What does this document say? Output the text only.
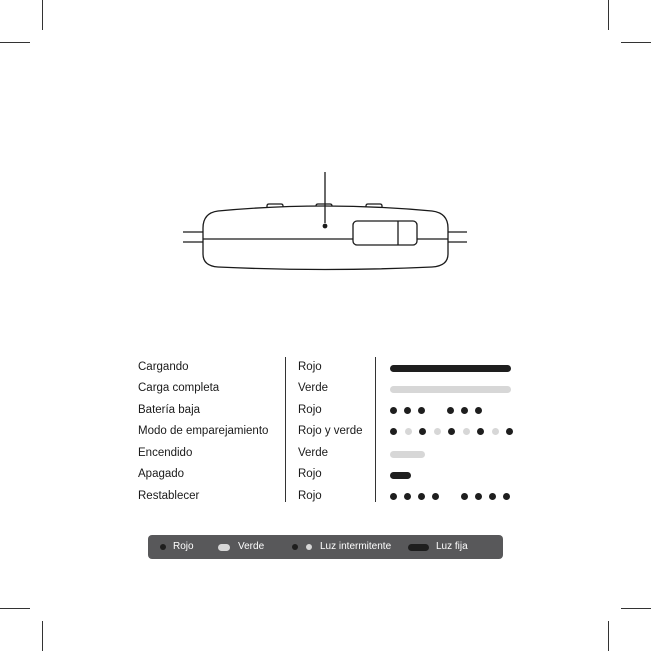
Cargando	Rojo
Carga completa	Verde
Batería baja	Rojo
Modo de emparejamiento	Rojo y verde
Encendido	Verde
Apagado	Rojo
Restablecer	Rojo
Rojo	Verde	Luz intermitente	Luz fija
